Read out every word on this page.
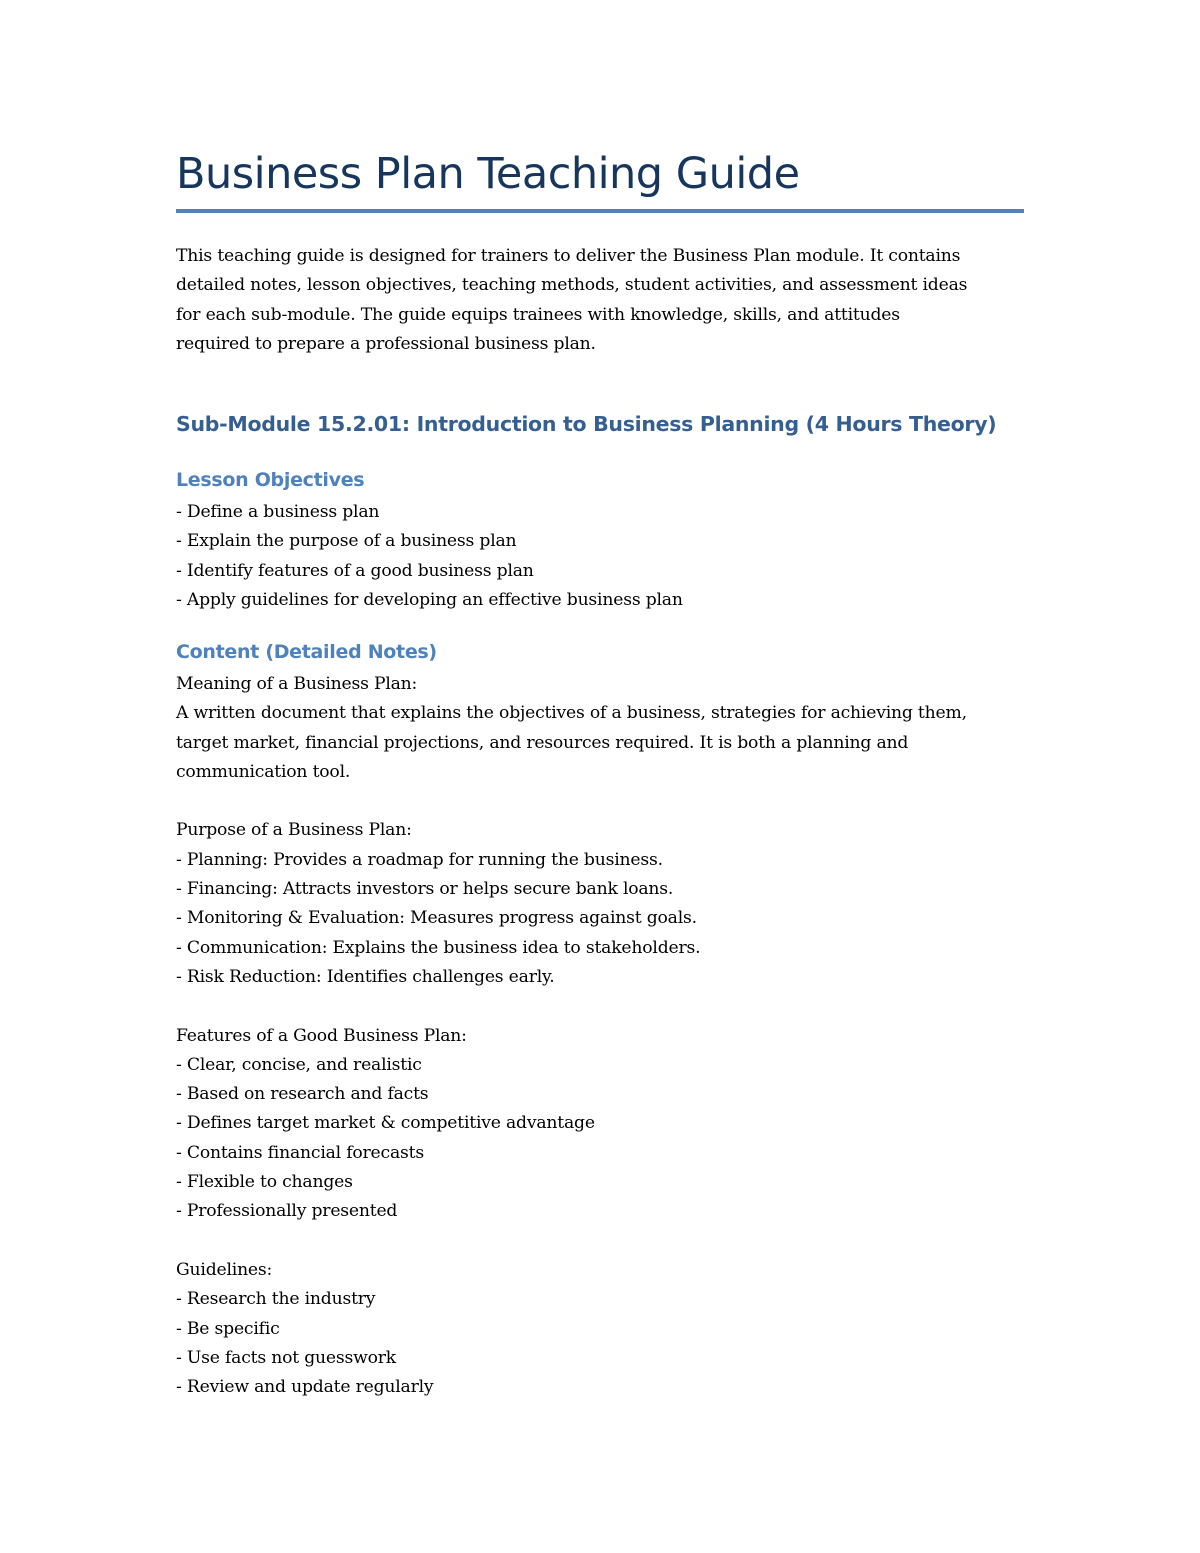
Business Plan Teaching Guide

This teaching guide is designed for trainers to deliver the Business Plan module. It contains
detailed notes, lesson objectives, teaching methods, student activities, and assessment ideas
for each sub-module. The guide equips trainees with knowledge, skills, and attitudes
required to prepare a professional business plan.

Sub-Module 15.2.01: Introduction to Business Planning (4 Hours Theory)
Lesson Objectives
- Define a business plan
- Explain the purpose of a business plan
- Identify features of a good business plan
- Apply guidelines for developing an effective business plan
Content (Detailed Notes)
Meaning of a Business Plan:
A written document that explains the objectives of a business, strategies for achieving them,
target market, financial projections, and resources required. It is both a planning and
communication tool.
Purpose of a Business Plan:
- Planning: Provides a roadmap for running the business.
- Financing: Attracts investors or helps secure bank loans.
- Monitoring & Evaluation: Measures progress against goals.
- Communication: Explains the business idea to stakeholders.
- Risk Reduction: Identifies challenges early.
Features of a Good Business Plan:
- Clear, concise, and realistic
- Based on research and facts
- Defines target market & competitive advantage
- Contains financial forecasts
- Flexible to changes
- Professionally presented
Guidelines:
- Research the industry
- Be specific
- Use facts not guesswork
- Review and update regularly
